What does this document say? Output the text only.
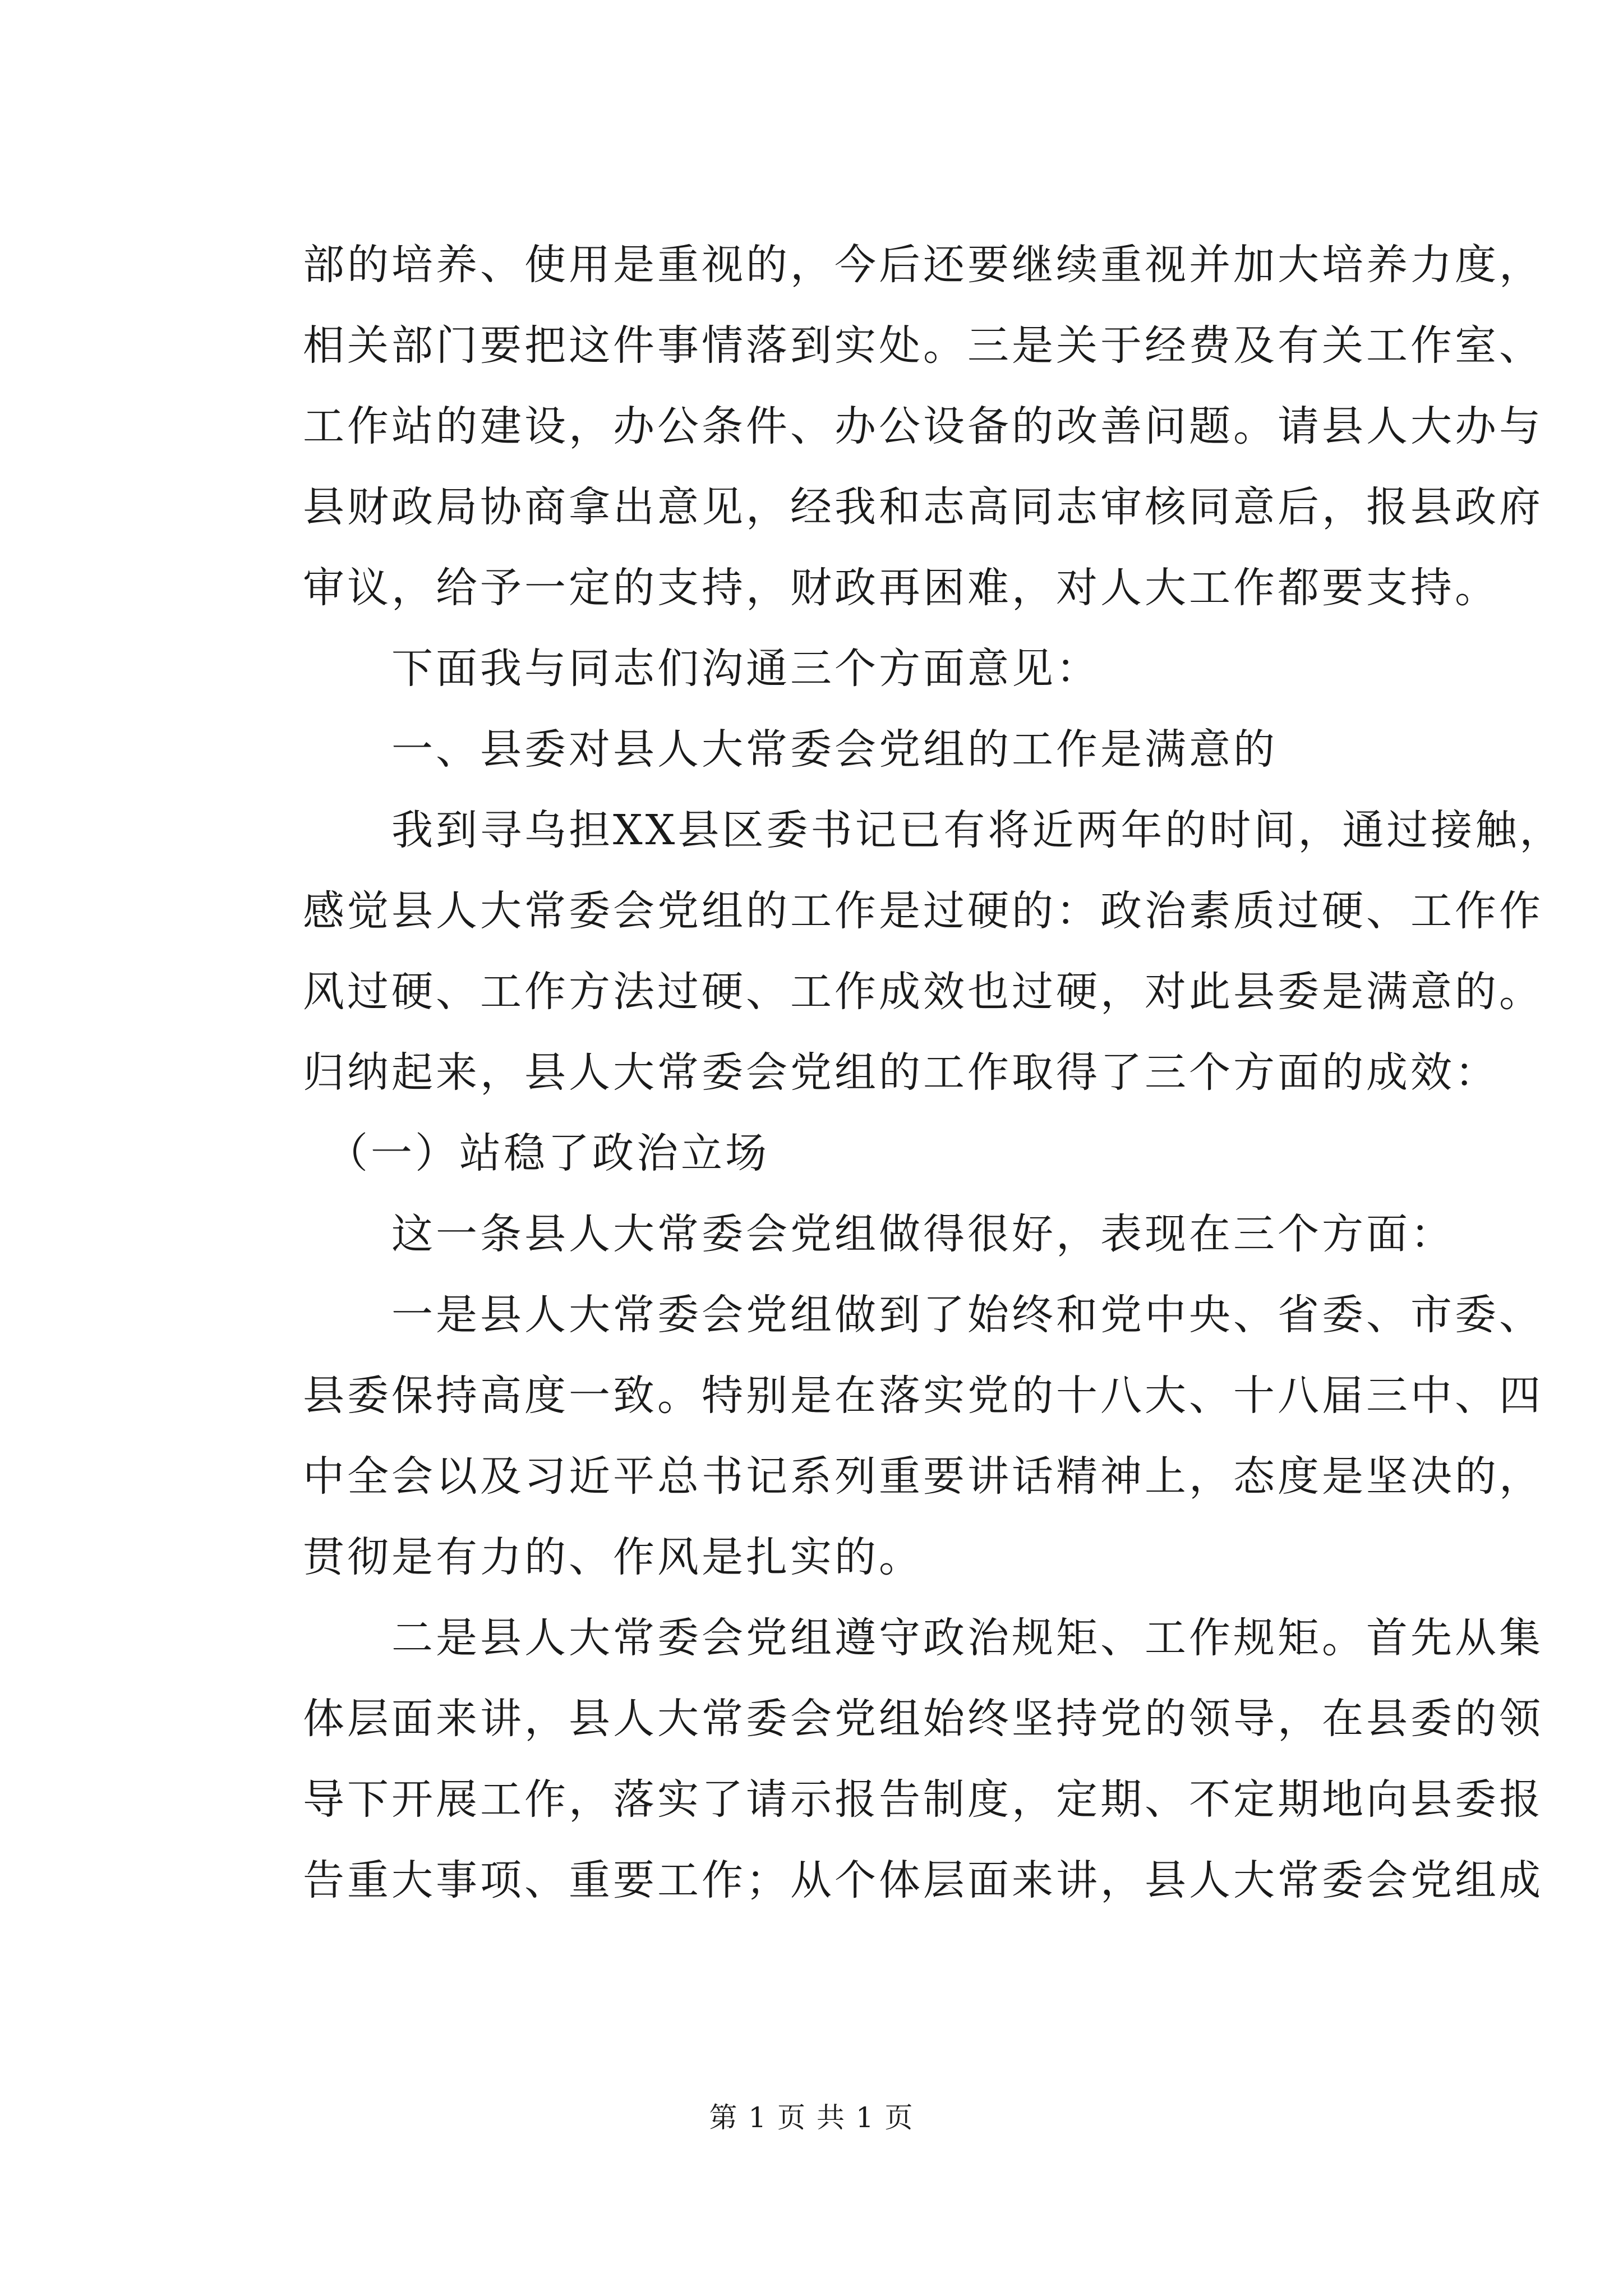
部的培养、使用是重视的，今后还要继续重视并加大培养力度，
相关部门要把这件事情落到实处。三是关于经费及有关工作室、
工作站的建设，办公条件、办公设备的改善问题。请县人大办与
县财政局协商拿出意见，经我和志高同志审核同意后，报县政府
审议，给予一定的支持，财政再困难，对人大工作都要支持。
　　下面我与同志们沟通三个方面意见：
　　一、县委对县人大常委会党组的工作是满意的
　　我到寻乌担XX县区委书记已有将近两年的时间，通过接触，
感觉县人大常委会党组的工作是过硬的：政治素质过硬、工作作
风过硬、工作方法过硬、工作成效也过硬，对此县委是满意的。
归纳起来，县人大常委会党组的工作取得了三个方面的成效：
　（一）站稳了政治立场
　　这一条县人大常委会党组做得很好，表现在三个方面：
　　一是县人大常委会党组做到了始终和党中央、省委、市委、
县委保持高度一致。特别是在落实党的十八大、十八届三中、四
中全会以及习近平总书记系列重要讲话精神上，态度是坚决的，
贯彻是有力的、作风是扎实的。
　　二是县人大常委会党组遵守政治规矩、工作规矩。首先从集
体层面来讲，县人大常委会党组始终坚持党的领导，在县委的领
导下开展工作，落实了请示报告制度，定期、不定期地向县委报
告重大事项、重要工作；从个体层面来讲，县人大常委会党组成
第 1 页 共 1 页
